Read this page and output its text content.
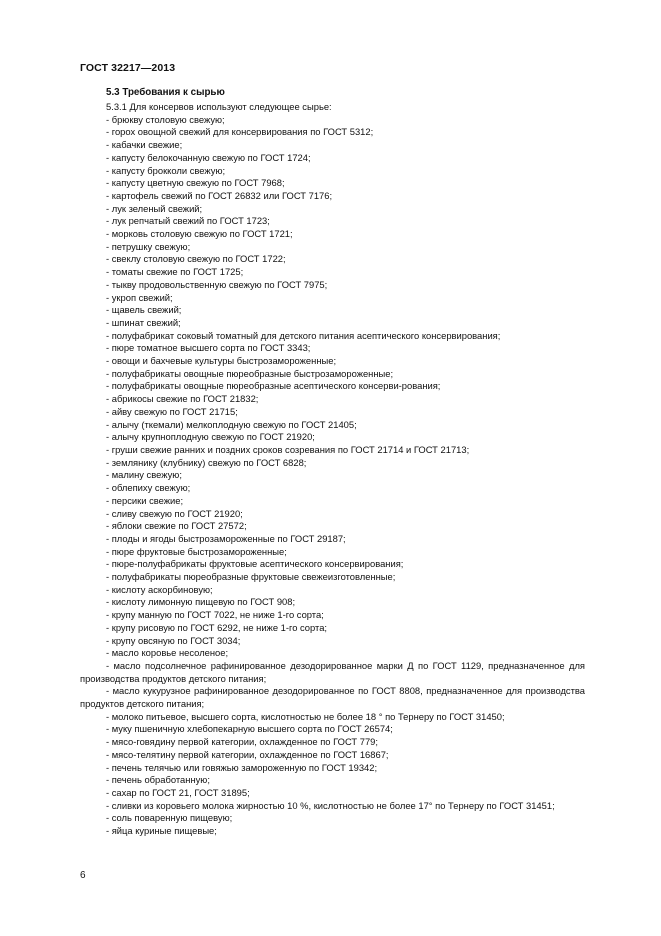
ГОСТ 32217—2013
5.3 Требования к сырью
5.3.1 Для консервов используют следующее сырье:
- брюкву столовую свежую;
- горох овощной свежий для консервирования по ГОСТ 5312;
- кабачки свежие;
- капусту белокочанную свежую по ГОСТ 1724;
- капусту брокколи свежую;
- капусту цветную свежую по ГОСТ 7968;
- картофель свежий по ГОСТ 26832 или ГОСТ 7176;
- лук зеленый свежий;
- лук репчатый свежий по ГОСТ 1723;
- морковь столовую свежую по ГОСТ 1721;
- петрушку свежую;
- свеклу столовую свежую по ГОСТ 1722;
- томаты свежие по ГОСТ 1725;
- тыкву продовольственную свежую по ГОСТ 7975;
- укроп свежий;
- щавель свежий;
- шпинат свежий;
- полуфабрикат соковый томатный для детского питания асептического консервирования;
- пюре томатное высшего сорта по ГОСТ 3343;
- овощи и бахчевые культуры быстрозамороженные;
- полуфабрикаты овощные пюреобразные быстрозамороженные;
- полуфабрикаты овощные пюреобразные асептического консерви-рования;
- абрикосы свежие по ГОСТ 21832;
- айву свежую по ГОСТ 21715;
- алычу (ткемали) мелкоплодную свежую по ГОСТ 21405;
- алычу крупноплодную свежую по ГОСТ 21920;
- груши свежие ранних и поздних сроков созревания по ГОСТ 21714 и ГОСТ 21713;
- землянику (клубнику) свежую по ГОСТ 6828;
- малину свежую;
- облепиху свежую;
- персики свежие;
- сливу свежую по ГОСТ 21920;
- яблоки свежие по ГОСТ 27572;
- плоды и ягоды быстрозамороженные по ГОСТ 29187;
- пюре фруктовые быстрозамороженные;
- пюре-полуфабрикаты фруктовые асептического консервирования;
- полуфабрикаты пюреобразные фруктовые свежеизготовленные;
- кислоту аскорбиновую;
- кислоту лимонную пищевую по ГОСТ 908;
- крупу манную по ГОСТ 7022, не ниже 1-го сорта;
- крупу рисовую по ГОСТ 6292, не ниже 1-го сорта;
- крупу овсяную по ГОСТ 3034;
- масло коровье несоленое;
- масло подсолнечное рафинированное дезодорированное марки Д по ГОСТ 1129, предназначенное для производства продуктов детского питания;
- масло кукурузное рафинированное дезодорированное по ГОСТ 8808, предназначенное для производства продуктов детского питания;
- молоко питьевое, высшего сорта, кислотностью не более 18 ° по Тернеру по ГОСТ 31450;
- муку пшеничную хлебопекарную высшего сорта по ГОСТ 26574;
- мясо-говядину первой категории, охлажденное по ГОСТ 779;
- мясо-телятину первой категории, охлажденное по ГОСТ 16867;
- печень телячью или говяжью замороженную по ГОСТ 19342;
- печень обработанную;
- сахар по ГОСТ 21, ГОСТ 31895;
- сливки из коровьего молока жирностью 10 %, кислотностью не более 17° по Тернеру по ГОСТ 31451;
- соль поваренную пищевую;
- яйца куриные пищевые;
6
